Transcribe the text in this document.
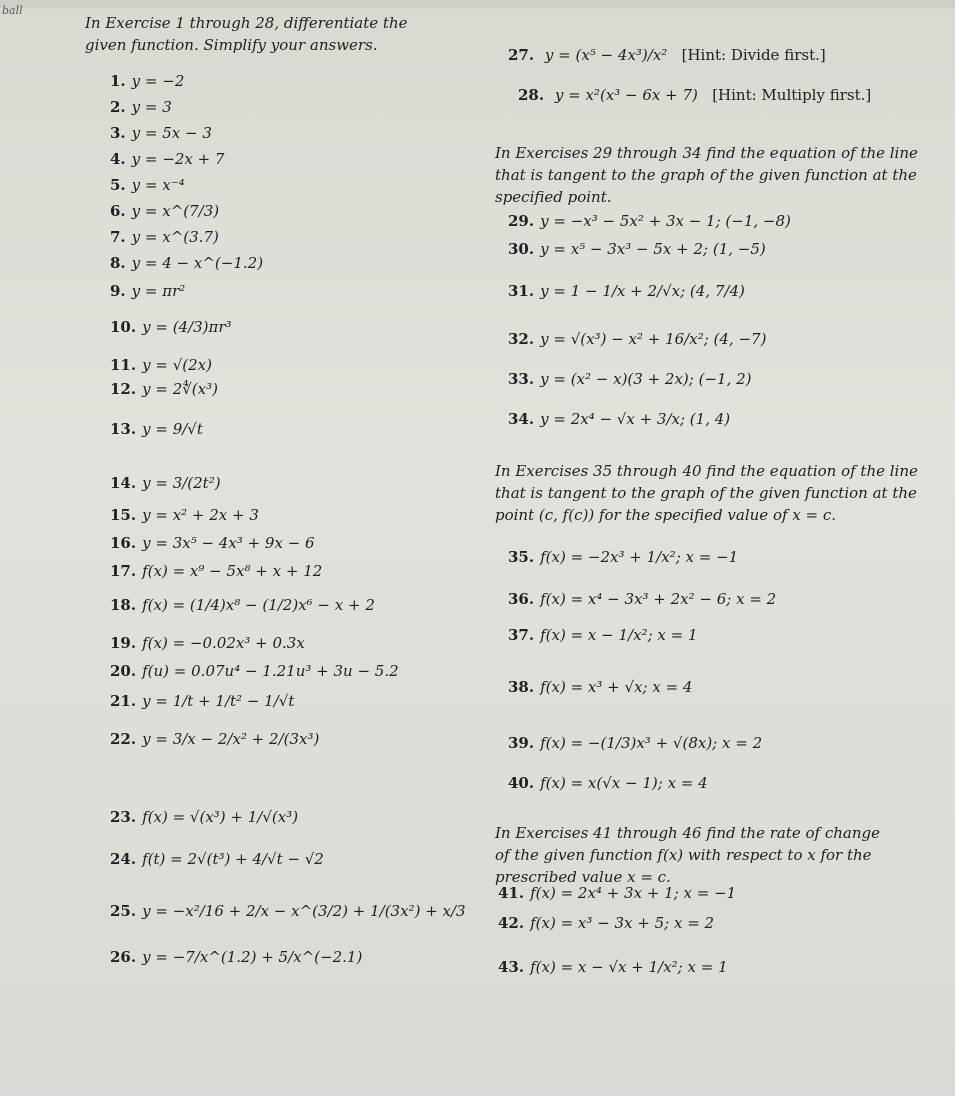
ball
In Exercise 1 through 28, differentiate the given function. Simplify your answers.
1. y = −2
2. y = 3
3. y = 5x − 3
4. y = −2x + 7
5. y = x⁻⁴
6. y = x^(7/3)
7. y = x^(3.7)
8. y = 4 − x^(−1.2)
9. y = πr²
10. y = (4/3)πr³
11. y = √(2x)
12. y = 2∜(x³)
13. y = 9/√t
14. y = 3/(2t²)
15. y = x² + 2x + 3
16. y = 3x⁵ − 4x³ + 9x − 6
17. f(x) = x⁹ − 5x⁸ + x + 12
18. f(x) = (1/4)x⁸ − (1/2)x⁶ − x + 2
19. f(x) = −0.02x³ + 0.3x
20. f(u) = 0.07u⁴ − 1.21u³ + 3u − 5.2
21. y = 1/t + 1/t² − 1/√t
22. y = 3/x − 2/x² + 2/(3x³)
23. f(x) = √(x³) + 1/√(x³)
24. f(t) = 2√(t³) + 4/√t − √2
25. y = −x²/16 + 2/x − x^(3/2) + 1/(3x²) + x/3
26. y = −7/x^(1.2) + 5/x^(−2.1)
27. y = (x⁵ − 4x³)/x² [Hint: Divide first.]
28. y = x²(x³ − 6x + 7) [Hint: Multiply first.]
In Exercises 29 through 34 find the equation of the line that is tangent to the graph of the given function at the specified point.
29. y = −x³ − 5x² + 3x − 1; (−1, −8)
30. y = x⁵ − 3x³ − 5x + 2; (1, −5)
31. y = 1 − 1/x + 2/√x; (4, 7/4)
32. y = √(x³) − x² + 16/x²; (4, −7)
33. y = (x² − x)(3 + 2x); (−1, 2)
34. y = 2x⁴ − √x + 3/x; (1, 4)
In Exercises 35 through 40 find the equation of the line that is tangent to the graph of the given function at the point (c, f(c)) for the specified value of x = c.
35. f(x) = −2x³ + 1/x²; x = −1
36. f(x) = x⁴ − 3x³ + 2x² − 6; x = 2
37. f(x) = x − 1/x²; x = 1
38. f(x) = x³ + √x; x = 4
39. f(x) = −(1/3)x³ + √(8x); x = 2
40. f(x) = x(√x − 1); x = 4
In Exercises 41 through 46 find the rate of change of the given function f(x) with respect to x for the prescribed value x = c.
41. f(x) = 2x⁴ + 3x + 1; x = −1
42. f(x) = x³ − 3x + 5; x = 2
43. f(x) = x − √x + 1/x²; x = 1
